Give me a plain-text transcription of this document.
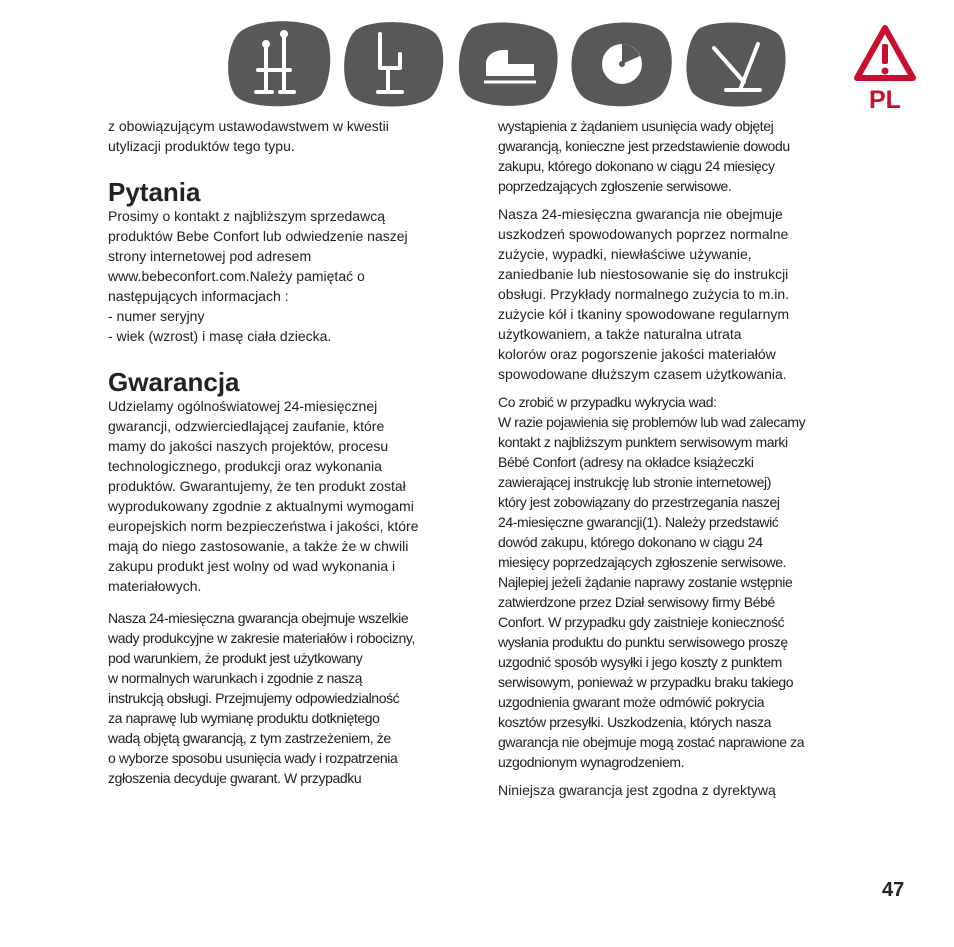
PL

z obowiązującym ustawodawstwem w kwestii
utylizacji produktów tego typu.

Pytania

Prosimy o kontakt z najbliższym sprzedawcą
produktów Bebe Confort lub odwiedzenie naszej
strony internetowej pod adresem
www.bebeconfort.com.Należy pamiętać o
następujących informacjach :
- numer seryjny
- wiek (wzrost) i masę ciała dziecka.

Gwarancja

Udzielamy ogólnoświatowej 24-miesięcznej
gwarancji, odzwierciedlającej zaufanie, które
mamy do jakości naszych projektów, procesu
technologicznego, produkcji oraz wykonania
produktów. Gwarantujemy, że ten produkt został
wyprodukowany zgodnie z aktualnymi wymogami
europejskich norm bezpieczeństwa i jakości, które
mają do niego zastosowanie, a także że w chwili
zakupu produkt jest wolny od wad wykonania i
materiałowych.

Nasza 24-miesięczna gwarancja obejmuje wszelkie
wady produkcyjne w zakresie materiałów i robocizny,
pod warunkiem, że produkt jest użytkowany
w normalnych warunkach i zgodnie z naszą
instrukcją obsługi. Przejmujemy odpowiedzialność
za naprawę lub wymianę produktu dotkniętego
wadą objętą gwarancją, z tym zastrzeżeniem, że
o wyborze sposobu usunięcia wady i rozpatrzenia
zgłoszenia decyduje gwarant. W przypadku

wystąpienia z żądaniem usunięcia wady objętej
gwarancją, konieczne jest przedstawienie dowodu
zakupu, którego dokonano w ciągu 24 miesięcy
poprzedzających zgłoszenie serwisowe.

Nasza 24-miesięczna gwarancja nie obejmuje
uszkodzeń spowodowanych poprzez normalne
zużycie, wypadki, niewłaściwe używanie,
zaniedbanie lub niestosowanie się do instrukcji
obsługi. Przykłady normalnego zużycia to m.in.
zużycie kół i tkaniny spowodowane regularnym
użytkowaniem, a także naturalna utrata
kolorów oraz pogorszenie jakości materiałów
spowodowane dłuższym czasem użytkowania.

Co zrobić w przypadku wykrycia wad:
W razie pojawienia się problemów lub wad zalecamy
kontakt z najbliższym punktem serwisowym marki
Bébé Confort (adresy na okładce książeczki
zawierającej instrukcję lub stronie internetowej)
który jest zobowiązany do przestrzegania naszej
24-miesięczne gwarancji(1). Należy przedstawić
dowód zakupu, którego dokonano w ciągu 24
miesięcy poprzedzających zgłoszenie serwisowe.
Najlepiej jeżeli żądanie naprawy zostanie wstępnie
zatwierdzone przez Dział serwisowy firmy Bébé
Confort. W przypadku gdy zaistnieje konieczność
wysłania produktu do punktu serwisowego proszę
uzgodnić sposób wysyłki i jego koszty z punktem
serwisowym, ponieważ w przypadku braku takiego
uzgodnienia gwarant może odmówić pokrycia
kosztów przesyłki. Uszkodzenia, których nasza
gwarancja nie obejmuje mogą zostać naprawione za
uzgodnionym wynagrodzeniem.

Niniejsza gwarancja jest zgodna z dyrektywą

47
